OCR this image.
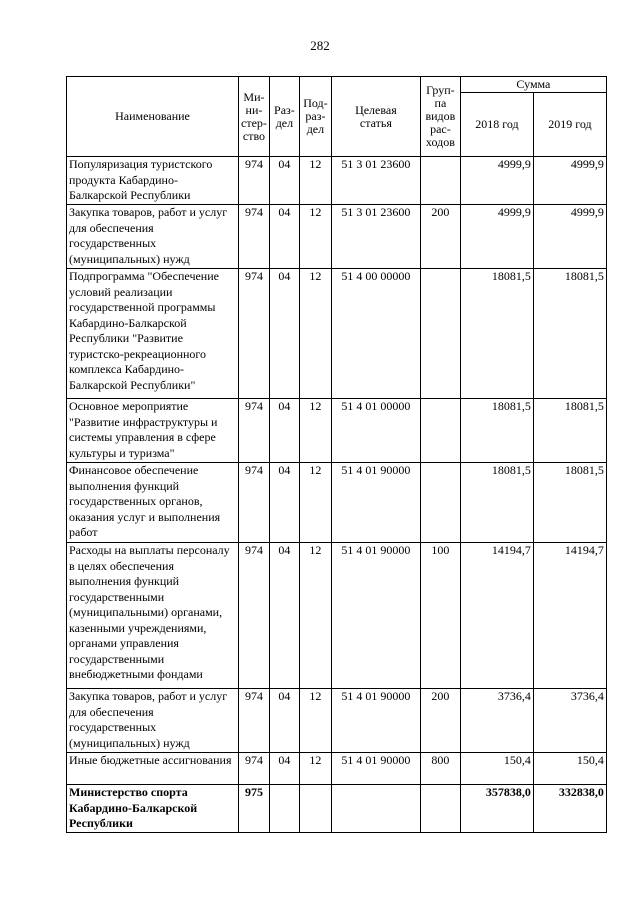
282
Наименование	Ми-
ни-
стер-
ство	Раз-
дел	Под-
раз-
дел	Целевая
статья	Груп-
па
видов
рас-
ходов	Сумма	
						2018 год	2019 год
Популяризация туристского продукта Кабардино-Балкарской Республики	974	04	12	51 3 01 23600		4999,9	4999,9
Закупка товаров, работ и услуг для обеспечения государственных (муниципальных) нужд	974	04	12	51 3 01 23600	200	4999,9	4999,9
Подпрограмма "Обеспечение условий реализации государственной программы Кабардино-Балкарской Республики "Развитие туристско-рекреационного комплекса Кабардино-Балкарской Республики"	974	04	12	51 4 00 00000		18081,5	18081,5
Основное мероприятие "Развитие инфраструктуры и системы управления в сфере культуры и туризма"	974	04	12	51 4 01 00000		18081,5	18081,5
Финансовое обеспечение выполнения функций государственных органов, оказания услуг и выполнения работ	974	04	12	51 4 01 90000		18081,5	18081,5
Расходы на выплаты персоналу в целях обеспечения выполнения функций государственными (муниципальными) органами, казенными учреждениями, органами управления государственными внебюджетными фондами	974	04	12	51 4 01 90000	100	14194,7	14194,7
Закупка товаров, работ и услуг для обеспечения государственных (муниципальных) нужд	974	04	12	51 4 01 90000	200	3736,4	3736,4
Иные бюджетные ассигнования	974	04	12	51 4 01 90000	800	150,4	150,4
Министерство спорта Кабардино-Балкарской Республики	975					357838,0	332838,0
